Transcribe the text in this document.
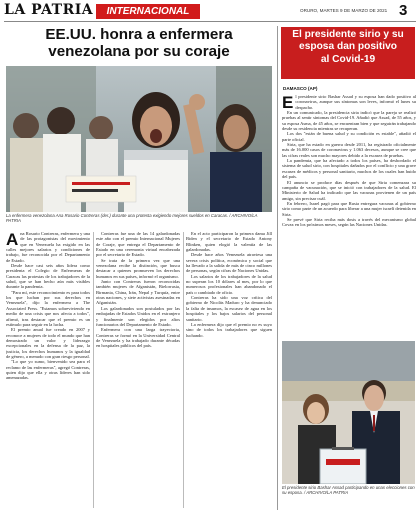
LA PATRIA	INTERNACIONAL	ORURO, MARTES 9 DE MARZO DE 2021 3
EE.UU. honra a enfermera
venezolana por su coraje
La enfermera venezolana Ana Rosario Contreras (der.) durante una protesta exigiendo mejores sueldos en Caracas. / ARCHIVO/LA PATRIA
A na Rosario Contreras, enfermera y una de las protagonistas del movimiento que en Venezuela ha exigido en las calles mejores salarios y condiciones de trabajo, fue reconocida por el Departamento de Estado.

Desde hace casi seis años lidera como presidenta el Colegio de Enfermeras de Caracas las protestas de los trabajadores de la salud, que se han hecho aún más visibles durante la pandemia.

"Para mí, este reconocimiento es para todos los que luchan por sus derechos en Venezuela", dijo la enfermera a The Associated Press. "Estamos sobreviviendo en medio de una crisis que nos afecta a todos", afirmó, tras destacar que el premio es un estímulo para seguir en la lucha.

El premio anual fue creado en 2007 y reconoce a mujeres de todo el mundo que han demostrado un valor y liderazgo excepcionales en la defensa de la paz, la justicia, los derechos humanos y la igualdad de género, a menudo con gran riesgo personal.

"Lo que yo sumo, bienvenido sea para el reclamo de las enfermeras", agregó Contreras, quien dijo que ella y otras líderes han sido amenazadas.

Contreras fue una de las 14 galardonadas este año con el premio Internacional Mujeres de Coraje, que entrega el Departamento de Estado en una ceremonia virtual encabezada por el secretario de Estado.

Se trata de la primera vez que una venezolana recibe la distinción, que busca destacar a quienes promueven los derechos humanos en sus países, informó el organismo.

Junto con Contreras fueron reconocidas también mujeres de Afganistán, Bielorrusia, Birmania, China, Irán, Nepal y Turquía, entre otras naciones, y siete activistas asesinadas en Afganistán.

Los galardonados son postulados por las embajadas de Estados Unidos en el extranjero y finalmente son elegidos por altos funcionarios del Departamento de Estado.

Enfermera con una larga trayectoria, Contreras se formó en la Universidad Central de Venezuela y ha trabajado durante décadas en hospitales públicos del país.

En el acto participaron la primera dama Jill Biden y el secretario de Estado Antony Blinken, quien elogió la valentía de las galardonadas.

Desde hace años Venezuela atraviesa una severa crisis política, económica y social que ha llevado a la salida de más de cinco millones de personas, según cifras de Naciones Unidas.

Los salarios de los trabajadores de la salud no superan los 10 dólares al mes, por lo que numerosos profesionales han abandonado el país o cambiado de oficio.

Contreras ha sido una voz crítica del gobierno de Nicolás Maduro y ha denunciado la falta de insumos, la escasez de agua en los hospitales y los bajos salarios del personal sanitario.

La enfermera dijo que el premio no es suyo sino de todos los trabajadores que siguen luchando.

El presidente sirio y su
esposa dan positivo
al Covid-19
DAMASCO (AP)
E l presidente sirio Bashar Assad y su esposa han dado positivo al coronavirus, aunque sus síntomas son leves, informó el lunes su despacho.

En un comunicado, la presidencia siria indicó que la pareja se realizó pruebas al sentir síntomas del Covid-19. Añadió que Assad, de 55 años, y su esposa Asma, de 45 años, se encuentran bien y que seguirán trabajando desde su residencia mientras se recuperan.

Los dos "están de buena salud y su condición es estable", añadió el parte oficial.

Siria, que ha estado en guerra desde 2011, ha registrado oficialmente más de 16.000 casos de coronavirus y 1.063 decesos, aunque se cree que las cifras reales son mucho mayores debido a la escasez de pruebas.

La pandemia, que ha afectado a todos los países, ha desbordado el sistema de salud sirio, con hospitales dañados por el conflicto y una grave escasez de médicos y personal sanitario, muchos de los cuales han huido del país.

El anuncio se produce días después de que Siria comenzara su campaña de vacunación, que se inició con trabajadores de la salud. El Ministerio de Salud ha indicado que las vacunas provienen de un país amigo, sin precisar cuál.

En febrero, Israel pagó para que Rusia entregara vacunas al gobierno sirio como parte de un acuerdo para liberar a una mujer israelí detenida en Siria.

Se prevé que Siria reciba más dosis a través del mecanismo global Covax en los próximos meses, según las Naciones Unidas.

El presidente sirio Bashar Assad participando en unas elecciones con su esposa. / ARCHIVO/LA PATRIA
